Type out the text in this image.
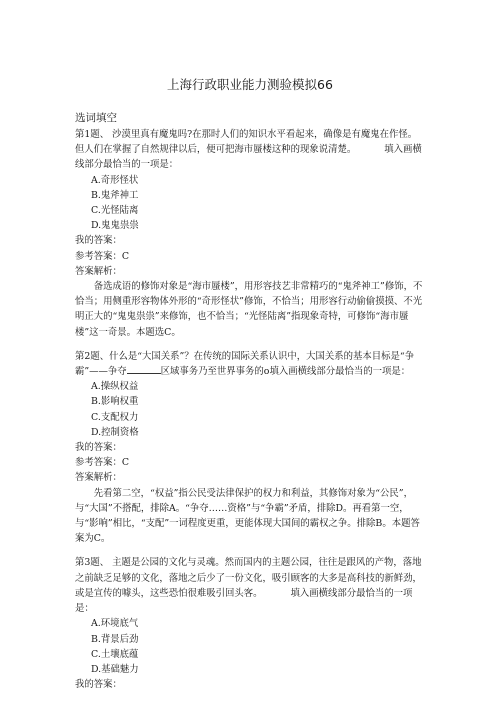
上海行政职业能力测验模拟66
选词填空

第1题、 沙漠里真有魔鬼吗?在那时人们的知识水平看起来，确像是有魔鬼在作怪。但人们在掌握了自然规律以后，便可把海市蜃楼这种的现象说清楚。	填入画横线部分最恰当的一项是：

A.奇形怪状

B.鬼斧神工

C.光怪陆离

D.鬼鬼祟祟

我的答案：

参考答案：C

答案解析：

备选成语的修饰对象是“海市蜃楼”，用形容技艺非常精巧的“鬼斧神工”修饰，不恰当；用侧重形容物体外形的“奇形怪状”修饰，不恰当；用形容行动偷偷摸摸、不光明正大的“鬼鬼祟祟”来修饰，也不恰当；“光怪陆离”指现象奇特，可修饰“海市蜃楼”这一奇景。本题选C。

第2题、什么是“大国关系”？在传统的国际关系认识中，大国关系的基本目标是“争霸”——争夺	区域事务乃至世界事务的o填入画横线部分最恰当的一项是：

A.操纵权益

B.影响权重

C.支配权力

D.控制资格

我的答案：

参考答案：C

答案解析：

先看第二空，“权益”指公民受法律保护的权力和利益，其修饰对象为“公民”，与“大国”不搭配，排除A。“争夺……资格”与“争霸”矛盾，排除D。再看第一空，与“影响”相比，“支配”一词程度更重，更能体现大国间的霸权之争。排除B。本题答案为C。

第3题、 主题是公园的文化与灵魂。然而国内的主题公园，往往是跟风的产物，落地之前缺乏足够的文化，落地之后少了一份文化，吸引顾客的大多是高科技的新鲜劲，或是宣传的噱头，这些恐怕很难吸引回头客。	填入画横线部分最恰当的一项是：

A.环境底气

B.背景后劲

C.土壤底蕴

D.基础魅力

我的答案：
